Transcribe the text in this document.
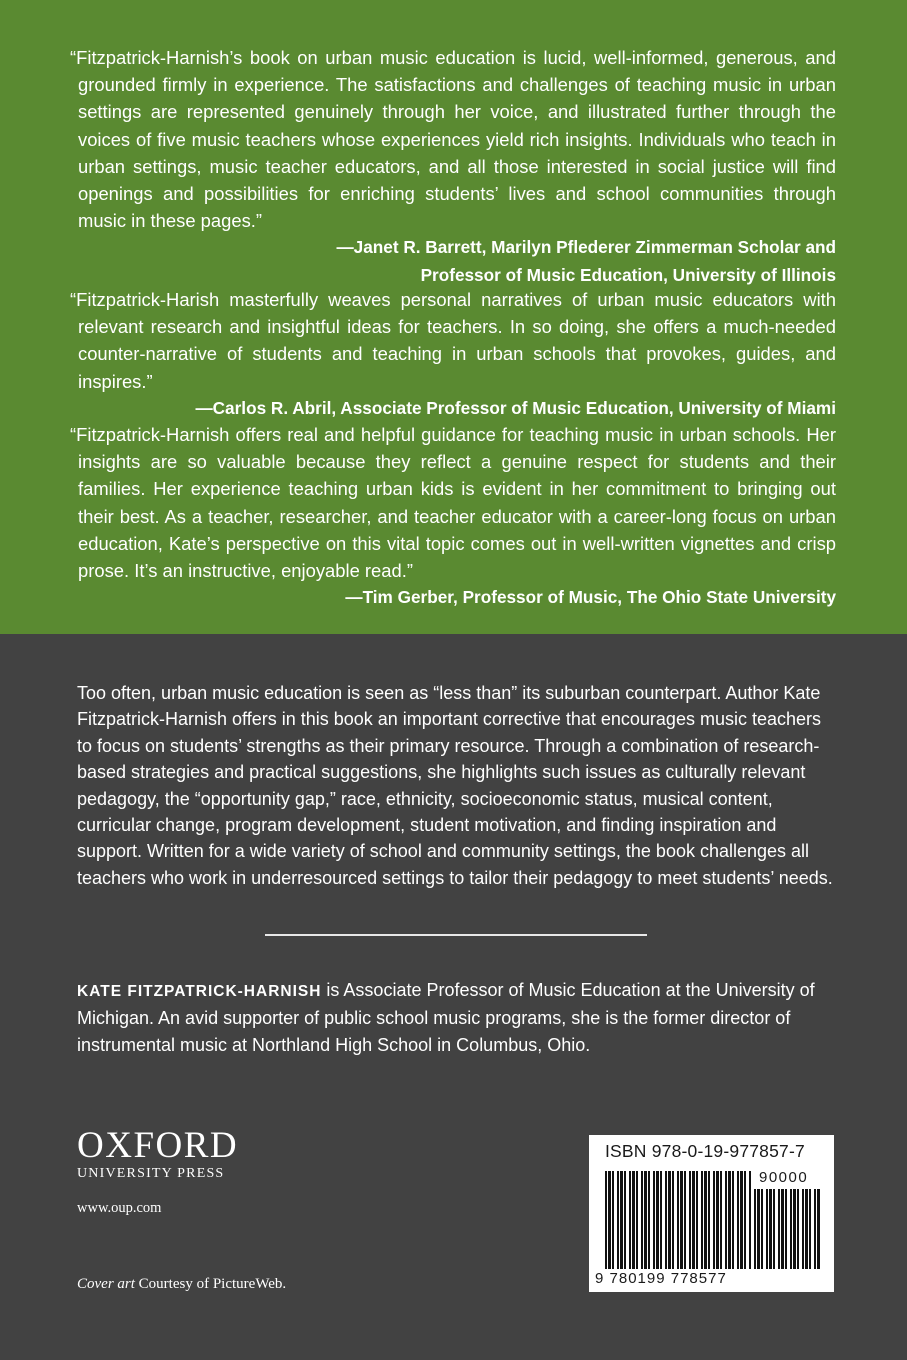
“Fitzpatrick-Harnish’s book on urban music education is lucid, well-informed, generous, and grounded firmly in experience. The satisfactions and challenges of teaching music in urban settings are represented genuinely through her voice, and illustrated further through the voices of five music teachers whose experiences yield rich insights. Individuals who teach in urban settings, music teacher educators, and all those interested in social justice will find openings and possibilities for enriching students’ lives and school communities through music in these pages.”

—Janet R. Barrett, Marilyn Pflederer Zimmerman Scholar and

Professor of Music Education, University of Illinois

“Fitzpatrick-Harish masterfully weaves personal narratives of urban music educators with relevant research and insightful ideas for teachers. In so doing, she offers a much-needed counter-narrative of students and teaching in urban schools that provokes, guides, and inspires.”

—Carlos R. Abril, Associate Professor of Music Education, University of Miami

“Fitzpatrick-Harnish offers real and helpful guidance for teaching music in urban schools. Her insights are so valuable because they reflect a genuine respect for students and their families. Her experience teaching urban kids is evident in her commitment to bringing out their best. As a teacher, researcher, and teacher educator with a career-long focus on urban education, Kate’s perspective on this vital topic comes out in well-written vignettes and crisp prose. It’s an instructive, enjoyable read.”

—Tim Gerber, Professor of Music, The Ohio State University

Too often, urban music education is seen as “less than” its suburban counterpart. Author Kate Fitzpatrick-Harnish offers in this book an important corrective that encourages music teachers to focus on students’ strengths as their primary resource. Through a combination of research-based strategies and practical suggestions, she highlights such issues as culturally relevant pedagogy, the “opportunity gap,” race, ethnicity, socioeconomic status, musical content, curricular change, program development, student motivation, and finding inspiration and support. Written for a wide variety of school and community settings, the book challenges all teachers who work in underresourced settings to tailor their pedagogy to meet students’ needs.

KATE FITZPATRICK-HARNISH is Associate Professor of Music Education at the University of Michigan. An avid supporter of public school music programs, she is the former director of instrumental music at Northland High School in Columbus, Ohio.

OXFORD
UNIVERSITY PRESS
www.oup.com
Cover art Courtesy of PictureWeb.
ISBN 978-0-19-977857-7
90000
9 780199 778577
